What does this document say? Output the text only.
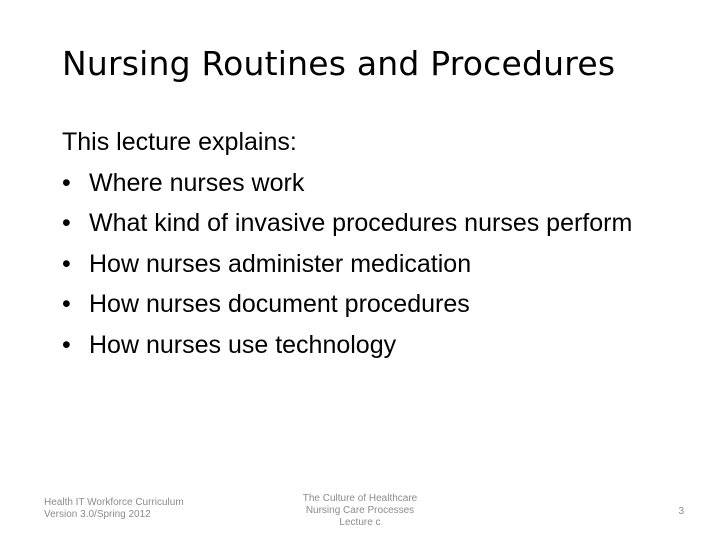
Nursing Routines and Procedures
This lecture explains:
• Where nurses work
• What kind of invasive procedures nurses perform
• How nurses administer medication
• How nurses document procedures
• How nurses use technology
Health IT Workforce Curriculum
Version 3.0/Spring 2012
The Culture of Healthcare
Nursing Care Processes
Lecture c
3
